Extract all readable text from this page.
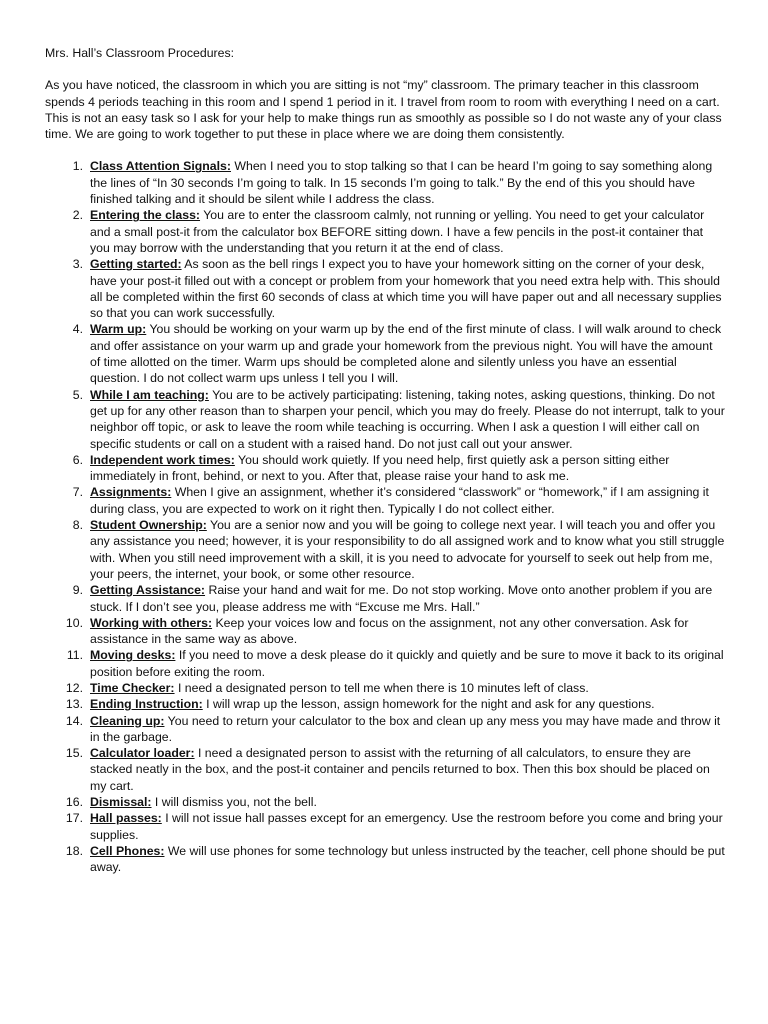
Mrs. Hall’s Classroom Procedures:

As you have noticed, the classroom in which you are sitting is not “my” classroom. The primary teacher in this classroom spends 4 periods teaching in this room and I spend 1 period in it. I travel from room to room with everything I need on a cart. This is not an easy task so I ask for your help to make things run as smoothly as possible so I do not waste any of your class time. We are going to work together to put these in place where we are doing them consistently.

1. Class Attention Signals: When I need you to stop talking so that I can be heard I’m going to say something along the lines of “In 30 seconds I’m going to talk. In 15 seconds I’m going to talk.” By the end of this you should have finished talking and it should be silent while I address the class.
2. Entering the class: You are to enter the classroom calmly, not running or yelling. You need to get your calculator and a small post-it from the calculator box BEFORE sitting down. I have a few pencils in the post-it container that you may borrow with the understanding that you return it at the end of class.
3. Getting started: As soon as the bell rings I expect you to have your homework sitting on the corner of your desk, have your post-it filled out with a concept or problem from your homework that you need extra help with. This should all be completed within the first 60 seconds of class at which time you will have paper out and all necessary supplies so that you can work successfully.
4. Warm up: You should be working on your warm up by the end of the first minute of class. I will walk around to check and offer assistance on your warm up and grade your homework from the previous night. You will have the amount of time allotted on the timer. Warm ups should be completed alone and silently unless you have an essential question. I do not collect warm ups unless I tell you I will.
5. While I am teaching: You are to be actively participating: listening, taking notes, asking questions, thinking. Do not get up for any other reason than to sharpen your pencil, which you may do freely. Please do not interrupt, talk to your neighbor off topic, or ask to leave the room while teaching is occurring. When I ask a question I will either call on specific students or call on a student with a raised hand. Do not just call out your answer.
6. Independent work times: You should work quietly. If you need help, first quietly ask a person sitting either immediately in front, behind, or next to you. After that, please raise your hand to ask me.
7. Assignments: When I give an assignment, whether it’s considered “classwork” or “homework,” if I am assigning it during class, you are expected to work on it right then. Typically I do not collect either.
8. Student Ownership: You are a senior now and you will be going to college next year. I will teach you and offer you any assistance you need; however, it is your responsibility to do all assigned work and to know what you still struggle with. When you still need improvement with a skill, it is you need to advocate for yourself to seek out help from me, your peers, the internet, your book, or some other resource.
9. Getting Assistance: Raise your hand and wait for me. Do not stop working. Move onto another problem if you are stuck. If I don’t see you, please address me with “Excuse me Mrs. Hall.”
10. Working with others: Keep your voices low and focus on the assignment, not any other conversation. Ask for assistance in the same way as above.
11. Moving desks: If you need to move a desk please do it quickly and quietly and be sure to move it back to its original position before exiting the room.
12. Time Checker: I need a designated person to tell me when there is 10 minutes left of class.
13. Ending Instruction: I will wrap up the lesson, assign homework for the night and ask for any questions.
14. Cleaning up: You need to return your calculator to the box and clean up any mess you may have made and throw it in the garbage.
15. Calculator loader: I need a designated person to assist with the returning of all calculators, to ensure they are stacked neatly in the box, and the post-it container and pencils returned to box. Then this box should be placed on my cart.
16. Dismissal: I will dismiss you, not the bell.
17. Hall passes: I will not issue hall passes except for an emergency. Use the restroom before you come and bring your supplies.
18. Cell Phones: We will use phones for some technology but unless instructed by the teacher, cell phone should be put away.
